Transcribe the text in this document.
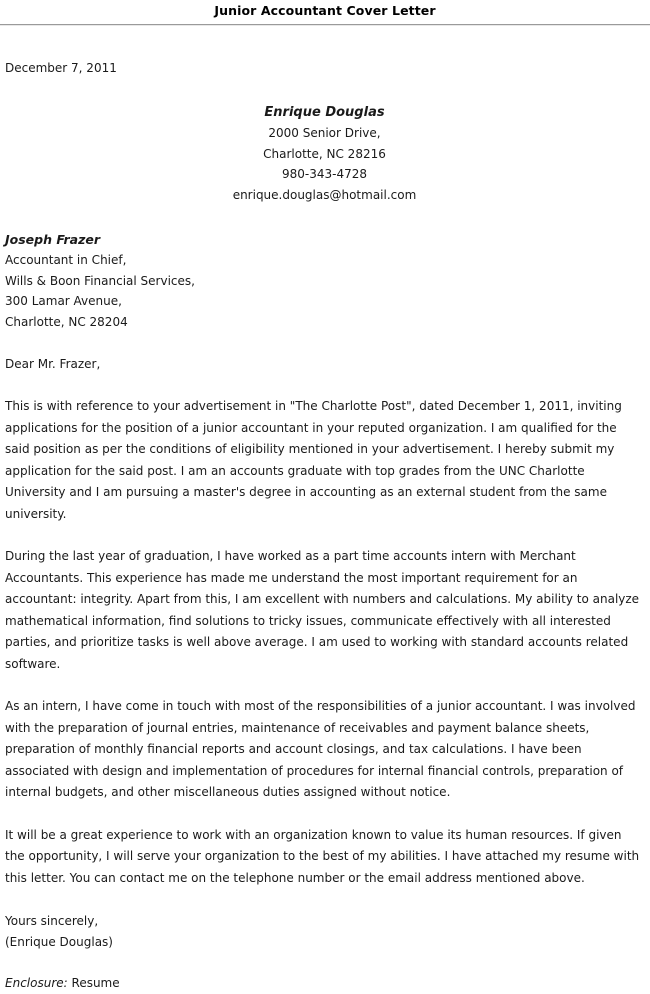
Junior Accountant Cover Letter
December 7, 2011
Enrique Douglas
2000 Senior Drive,
Charlotte, NC 28216
980-343-4728
enrique.douglas@hotmail.com
Joseph Frazer
Accountant in Chief,
Wills & Boon Financial Services,
300 Lamar Avenue,
Charlotte, NC 28204
Dear Mr. Frazer,

This is with reference to your advertisement in "The Charlotte Post", dated December 1, 2011, inviting applications for the position of a junior accountant in your reputed organization. I am qualified for the said position as per the conditions of eligibility mentioned in your advertisement. I hereby submit my application for the said post. I am an accounts graduate with top grades from the UNC Charlotte University and I am pursuing a master's degree in accounting as an external student from the same university.

During the last year of graduation, I have worked as a part time accounts intern with Merchant Accountants. This experience has made me understand the most important requirement for an accountant: integrity. Apart from this, I am excellent with numbers and calculations. My ability to analyze mathematical information, find solutions to tricky issues, communicate effectively with all interested parties, and prioritize tasks is well above average. I am used to working with standard accounts related software.

As an intern, I have come in touch with most of the responsibilities of a junior accountant. I was involved with the preparation of journal entries, maintenance of receivables and payment balance sheets, preparation of monthly financial reports and account closings, and tax calculations. I have been associated with design and implementation of procedures for internal financial controls, preparation of internal budgets, and other miscellaneous duties assigned without notice.

It will be a great experience to work with an organization known to value its human resources. If given the opportunity, I will serve your organization to the best of my abilities. I have attached my resume with this letter. You can contact me on the telephone number or the email address mentioned above.

Yours sincerely,
(Enrique Douglas)
Enclosure: Resume
